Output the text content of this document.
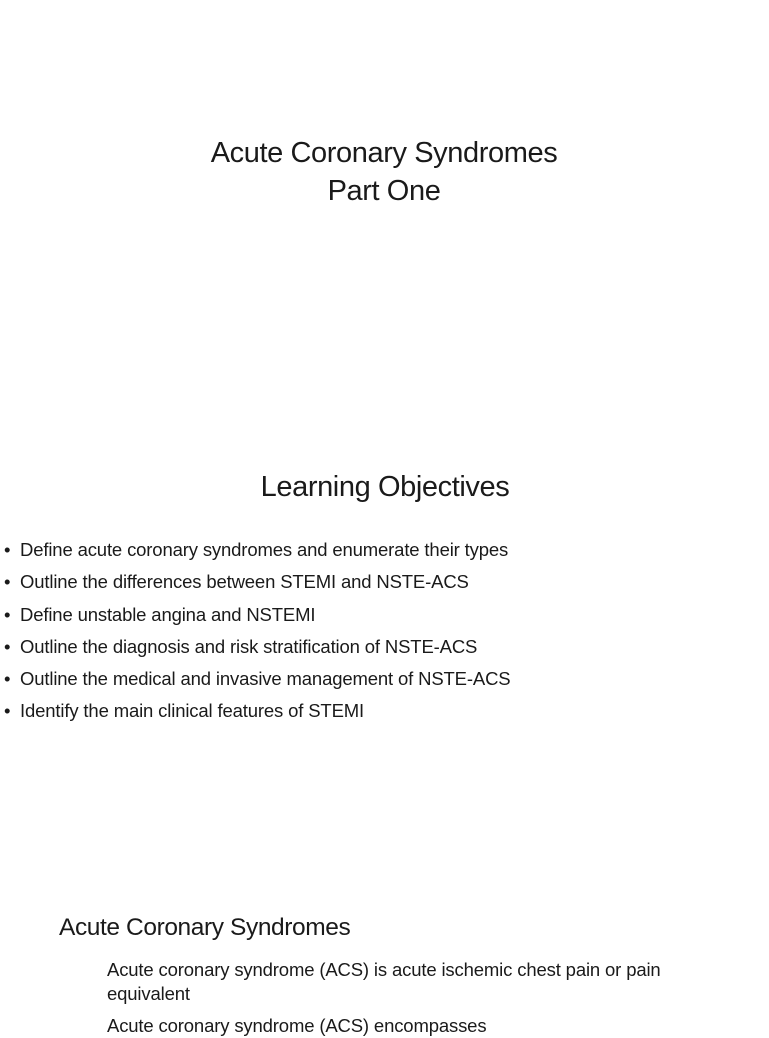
Acute Coronary Syndromes
Part One
Learning Objectives
• Define acute coronary syndromes and enumerate their types
• Outline the differences between STEMI and NSTE-ACS
• Define unstable angina and NSTEMI
• Outline the diagnosis and risk stratification of NSTE-ACS
• Outline the medical and invasive management of NSTE-ACS
• Identify the main clinical features of STEMI
Acute Coronary Syndromes

Acute coronary syndrome (ACS) is acute ischemic chest pain or pain equivalent

Acute coronary syndrome (ACS) encompasses
